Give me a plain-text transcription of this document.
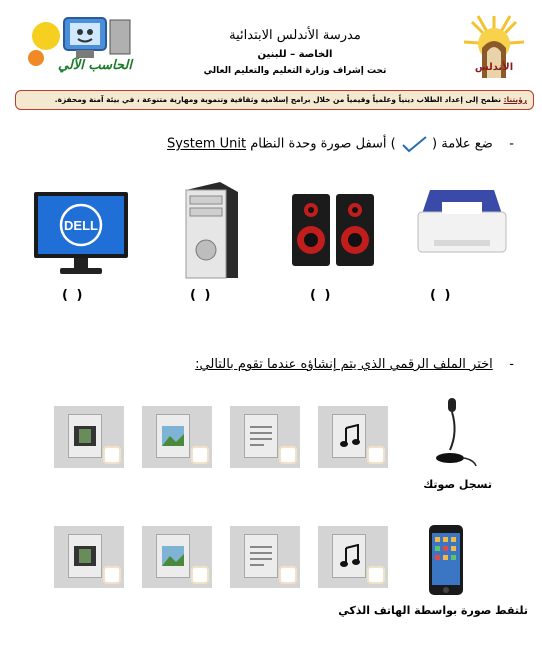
الحاسب الآلي
مدرسة الأندلس الابتدائية
الخاصة – للبنين
تحت إشراف وزارة التعليم والتعليم العالي	الأندلس
رؤيتنا: نطمح إلى إعداد الطلاب دينياً وعلمياً وقيمياً من خلال برامج إسلامية وثقافية وتنموية ومهارية متنوعة ، في بيئة آمنة ومحفزة.
-    ضع علامة (  ) أسفل صورة وحدة النظام System Unit
DELL
( )	( )	( )	( )
-    اختر الملف الرقمي الذي يتم إنشاؤه عندما تقوم بالتالي:
تسجل صوتك
تلتقط صورة بواسطة الهاتف الذكي
